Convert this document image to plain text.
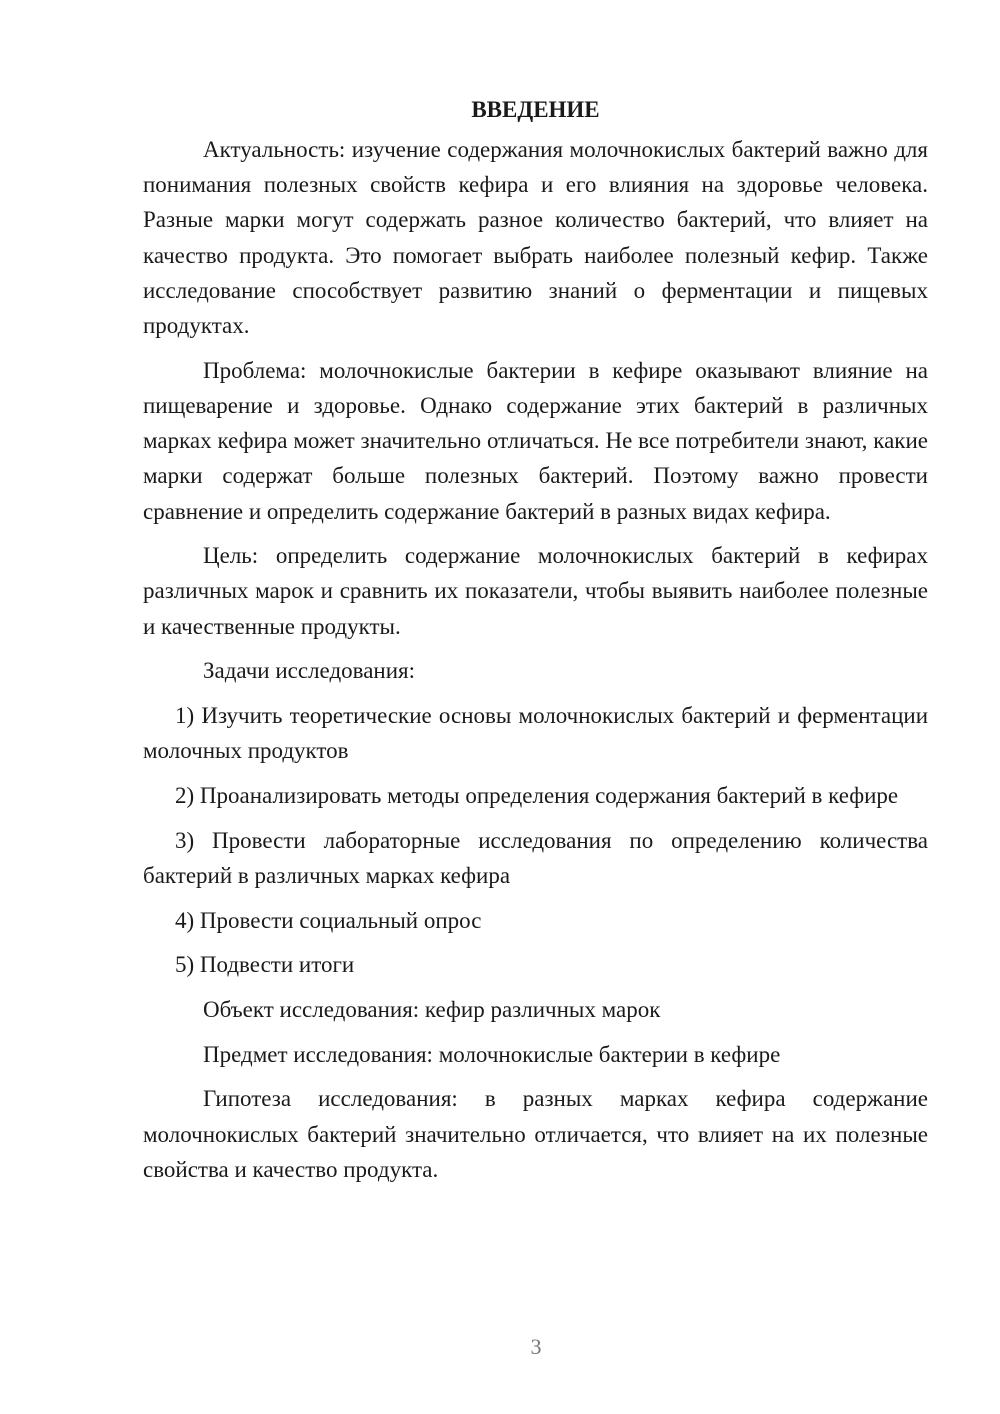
ВВЕДЕНИЕ

Актуальность: изучение содержания молочнокислых бактерий важно для понимания полезных свойств кефира и его влияния на здоровье человека. Разные марки могут содержать разное количество бактерий, что влияет на качество продукта. Это помогает выбрать наиболее полезный кефир. Также исследование способствует развитию знаний о ферментации и пищевых продуктах.

Проблема: молочнокислые бактерии в кефире оказывают влияние на пищеварение и здоровье. Однако содержание этих бактерий в различных марках кефира может значительно отличаться. Не все потребители знают, какие марки содержат больше полезных бактерий. Поэтому важно провести сравнение и определить содержание бактерий в разных видах кефира.

Цель: определить содержание молочнокислых бактерий в кефирах различных марок и сравнить их показатели, чтобы выявить наиболее полезные и качественные продукты.

Задачи исследования:

1) Изучить теоретические основы молочнокислых бактерий и ферментации молочных продуктов

2) Проанализировать методы определения содержания бактерий в кефире

3) Провести лабораторные исследования по определению количества бактерий в различных марках кефира

4) Провести социальный опрос

5) Подвести итоги

Объект исследования: кефир различных марок

Предмет исследования: молочнокислые бактерии в кефире

Гипотеза исследования: в разных марках кефира содержание молочнокислых бактерий значительно отличается, что влияет на их полезные свойства и качество продукта.

3
